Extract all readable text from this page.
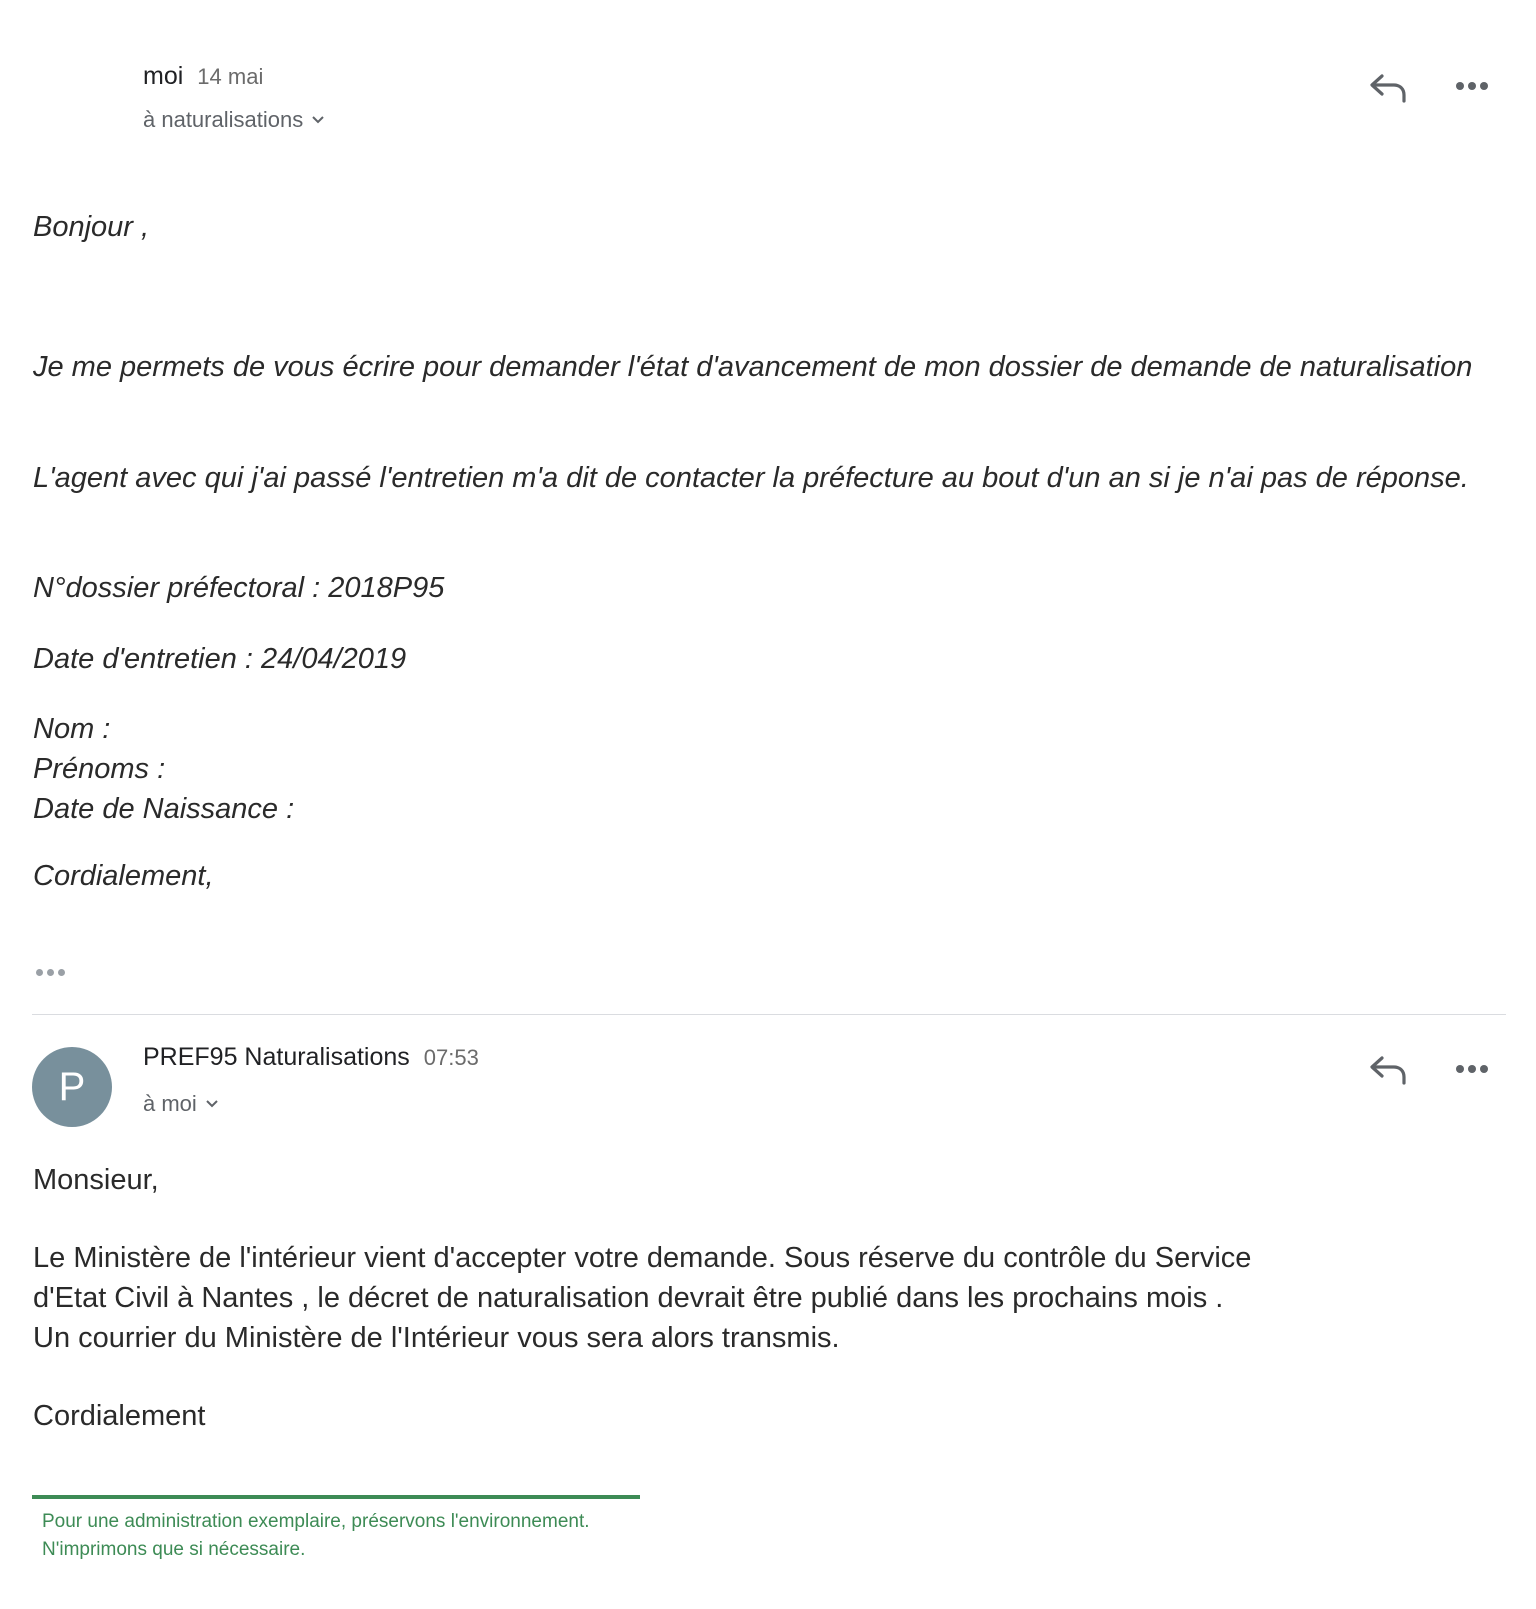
moi 14 mai
à naturalisations

Bonjour ,

Je me permets de vous écrire pour demander l'état d'avancement de mon dossier de demande de naturalisation

L'agent avec qui j'ai passé l'entretien m'a dit de contacter la préfecture au bout d'un an si je n'ai pas de réponse.

N°dossier préfectoral : 2018P95

Date d'entretien : 24/04/2019

Nom :

Prénoms :

Date de Naissance :

Cordialement,

P
PREF95 Naturalisations 07:53
à moi

Monsieur,

Le Ministère de l'intérieur vient d'accepter votre demande. Sous réserve du contrôle du Service

d'Etat Civil à Nantes , le décret de naturalisation devrait être publié dans les prochains mois .

Un courrier du Ministère de l'Intérieur vous sera alors transmis.

Cordialement

Pour une administration exemplaire, préservons l'environnement.
N'imprimons que si nécessaire.
